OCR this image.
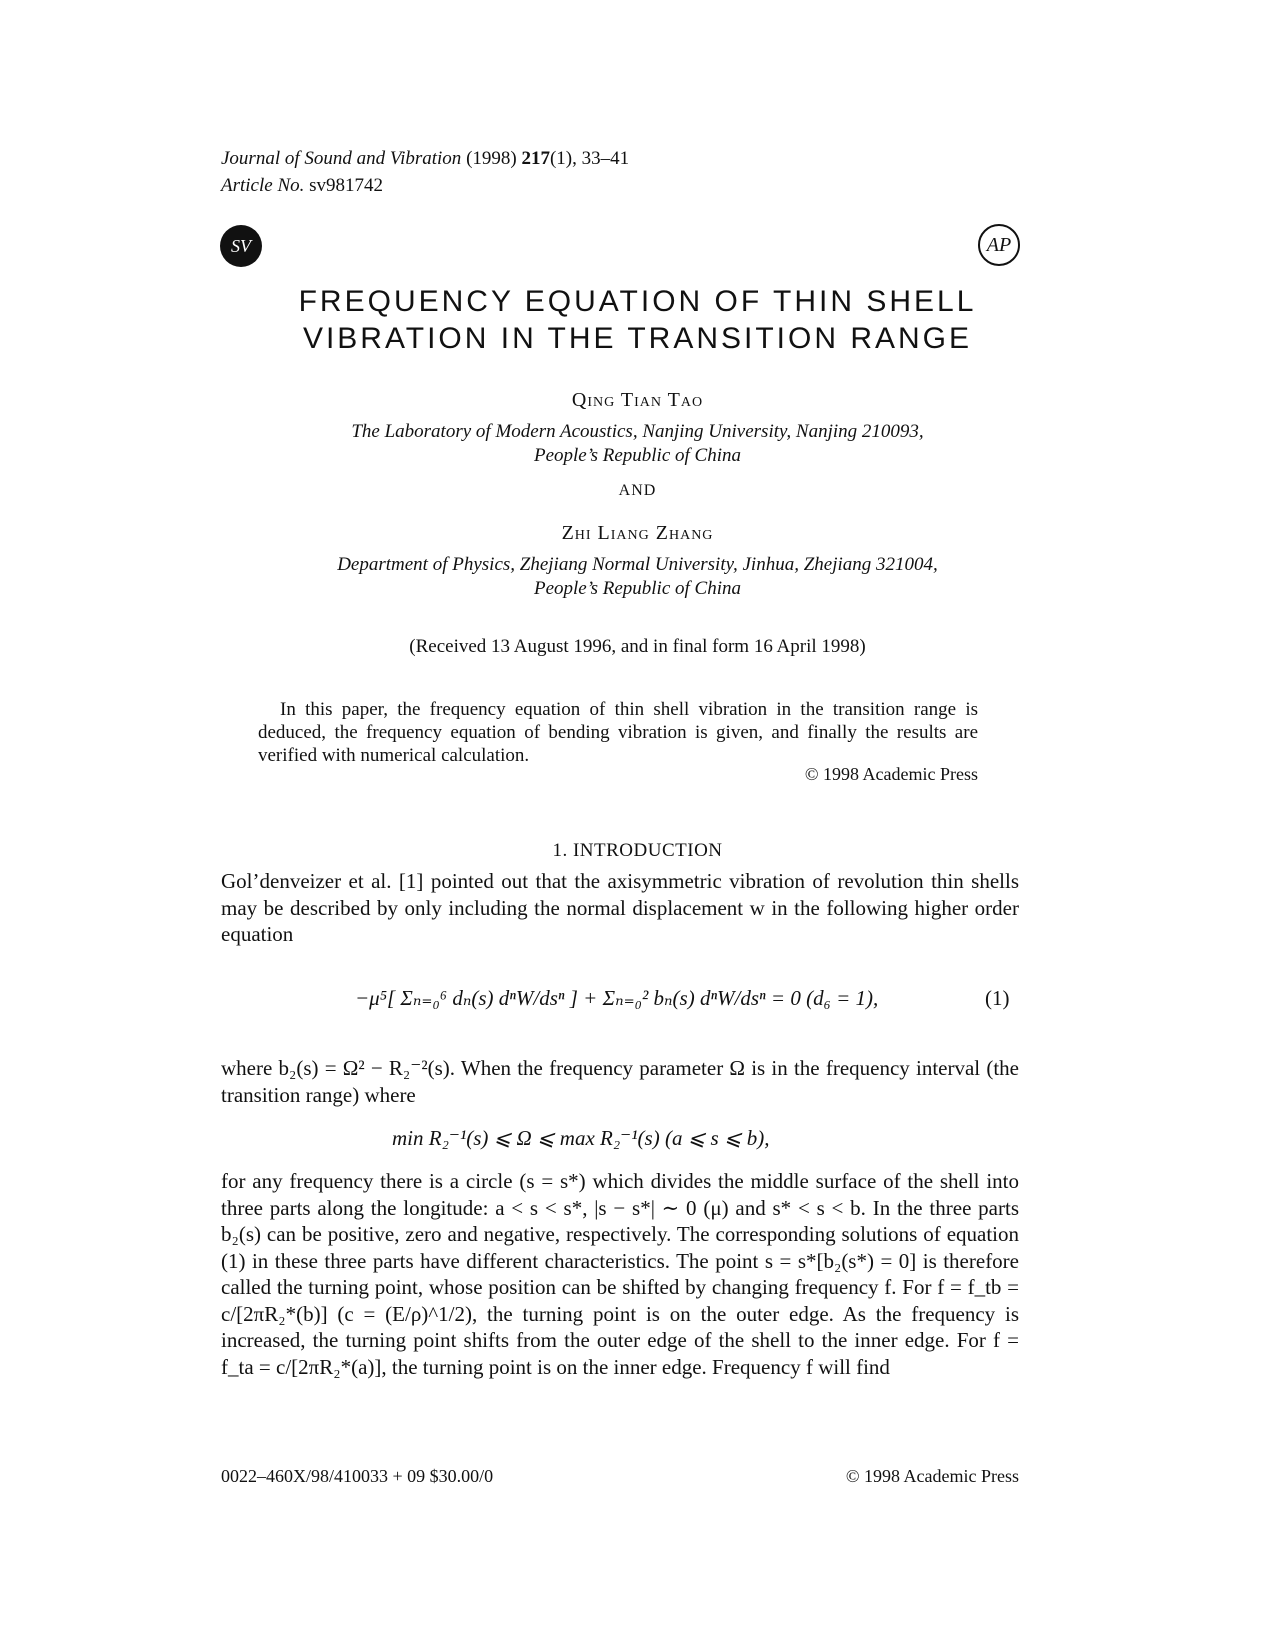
Journal of Sound and Vibration (1998) 217(1), 33–41
Article No. sv981742
SV	AP
FREQUENCY EQUATION OF THIN SHELL
VIBRATION IN THE TRANSITION RANGE
Qing Tian Tao
The Laboratory of Modern Acoustics, Nanjing University, Nanjing 210093,
People’s Republic of China
AND
Zhi Liang Zhang
Department of Physics, Zhejiang Normal University, Jinhua, Zhejiang 321004,
People’s Republic of China
(Received 13 August 1996, and in final form 16 April 1998)
In this paper, the frequency equation of thin shell vibration in the transition range is deduced, the frequency equation of bending vibration is given, and finally the results are verified with numerical calculation.
© 1998 Academic Press
1. INTRODUCTION
Gol’denveizer et al. [1] pointed out that the axisymmetric vibration of revolution thin shells may be described by only including the normal displacement w in the following higher order equation
−μ⁵[ Σₙ₌₀⁶ dₙ(s) dⁿW/dsⁿ ] + Σₙ₌₀² bₙ(s) dⁿW/dsⁿ = 0 (d₆ = 1),	(1)
where b₂(s) = Ω² − R₂⁻²(s). When the frequency parameter Ω is in the frequency interval (the transition range) where
min R₂⁻¹(s) ⩽ Ω ⩽ max R₂⁻¹(s) (a ⩽ s ⩽ b),
for any frequency there is a circle (s = s*) which divides the middle surface of the shell into three parts along the longitude: a < s < s*, |s − s*| ∼ 0 (μ) and s* < s < b. In the three parts b₂(s) can be positive, zero and negative, respectively. The corresponding solutions of equation (1) in these three parts have different characteristics. The point s = s*[b₂(s*) = 0] is therefore called the turning point, whose position can be shifted by changing frequency f. For f = f_tb = c/[2πR₂*(b)] (c = (E/ρ)^1/2), the turning point is on the outer edge. As the frequency is increased, the turning point shifts from the outer edge of the shell to the inner edge. For f = f_ta = c/[2πR₂*(a)], the turning point is on the inner edge. Frequency f will find
0022–460X/98/410033 + 09 $30.00/0	© 1998 Academic Press
